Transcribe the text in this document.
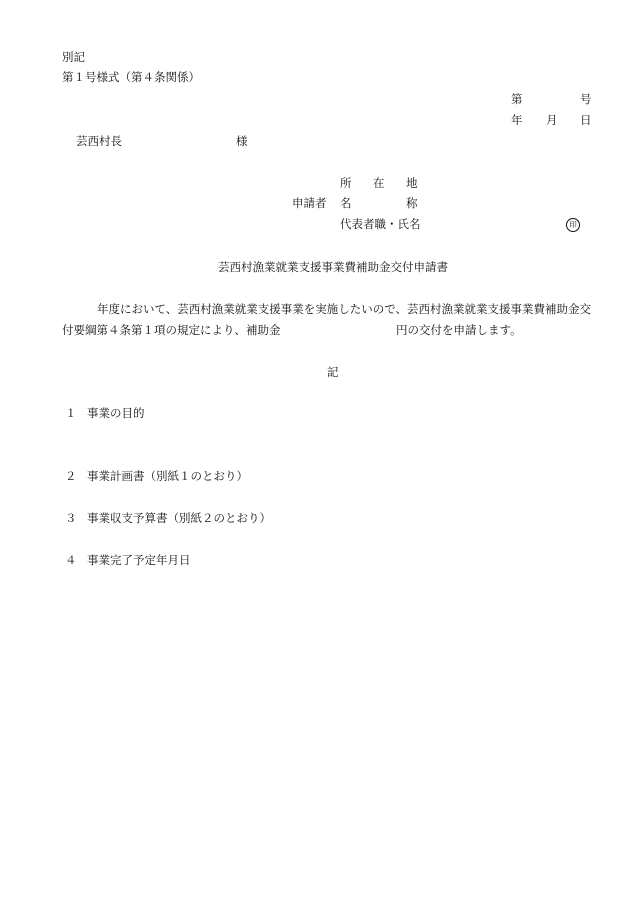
別記
第１号様式（第４条関係）
第	号
年 月 日
芸西村長	様
所 在 地
申請者 名	称
代表者職・氏名	印
芸西村漁業就業支援事業費補助金交付申請書
年度において、芸西村漁業就業支援事業を実施したいので、芸西村漁業就業支援事業費補助金交
付要綱第４条第１項の規定により、補助金	円の交付を申請します。
記
１ 事業の目的
２ 事業計画書（別紙１のとおり）
３ 事業収支予算書（別紙２のとおり）
４ 事業完了予定年月日
